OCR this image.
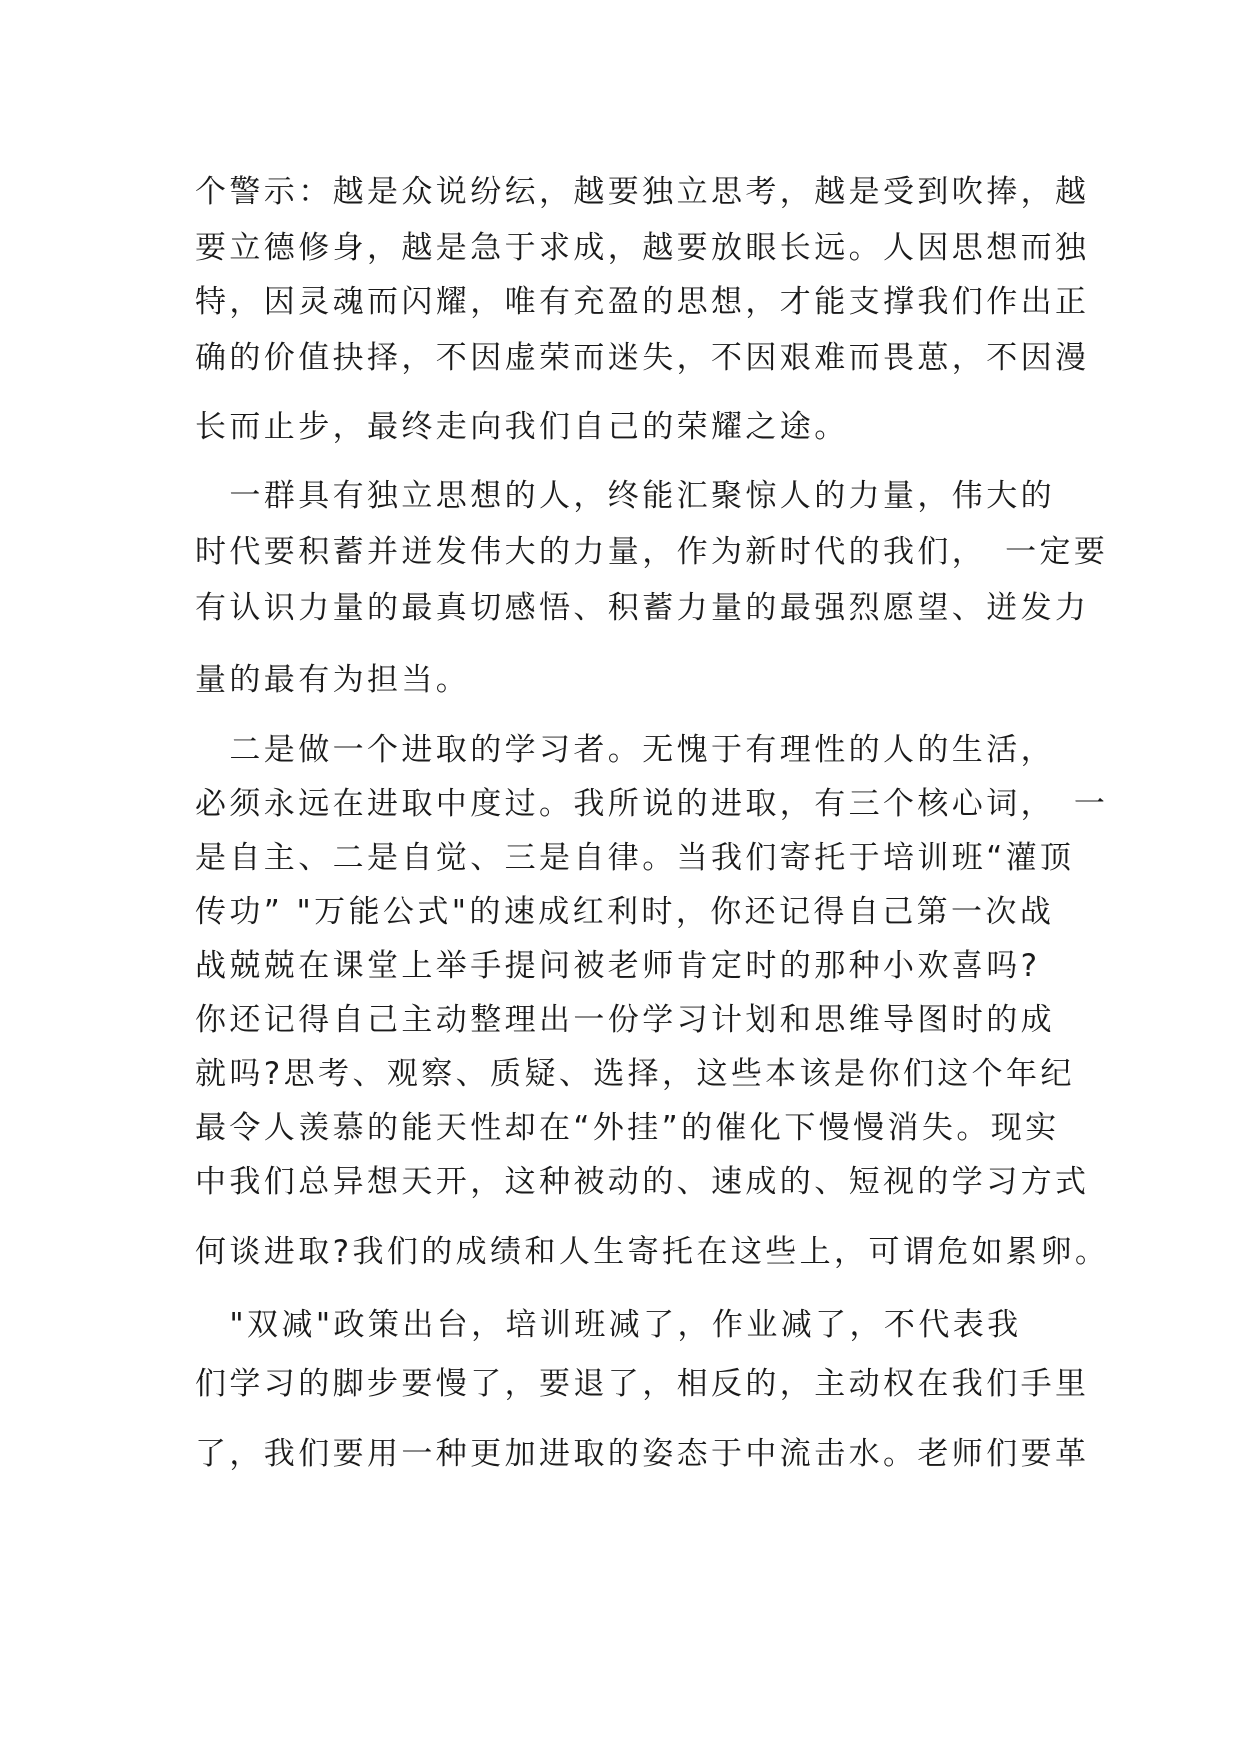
个警示：越是众说纷纭，越要独立思考，越是受到吹捧，越
要立德修身，越是急于求成，越要放眼长远。人因思想而独
特，因灵魂而闪耀，唯有充盈的思想，才能支撑我们作出正
确的价值抉择，不因虚荣而迷失，不因艰难而畏葸，不因漫
长而止步，最终走向我们自己的荣耀之途。
　一群具有独立思想的人，终能汇聚惊人的力量，伟大的
时代要积蓄并迸发伟大的力量，作为新时代的我们，　一定要
有认识力量的最真切感悟、积蓄力量的最强烈愿望、迸发力
量的最有为担当。
　二是做一个进取的学习者。无愧于有理性的人的生活，
必须永远在进取中度过。我所说的进取，有三个核心词，　一
是自主、二是自觉、三是自律。当我们寄托于培训班“灌顶
传功” "万能公式"的速成红利时，你还记得自己第一次战
战兢兢在课堂上举手提问被老师肯定时的那种小欢喜吗?
你还记得自己主动整理出一份学习计划和思维导图时的成
就吗?思考、观察、质疑、选择，这些本该是你们这个年纪
最令人羡慕的能天性却在“外挂”的催化下慢慢消失。现实
中我们总异想天开，这种被动的、速成的、短视的学习方式
何谈进取?我们的成绩和人生寄托在这些上，可谓危如累卵。
　"双减"政策出台，培训班减了，作业减了，不代表我
们学习的脚步要慢了，要退了，相反的，主动权在我们手里
了，我们要用一种更加进取的姿态于中流击水。老师们要革
